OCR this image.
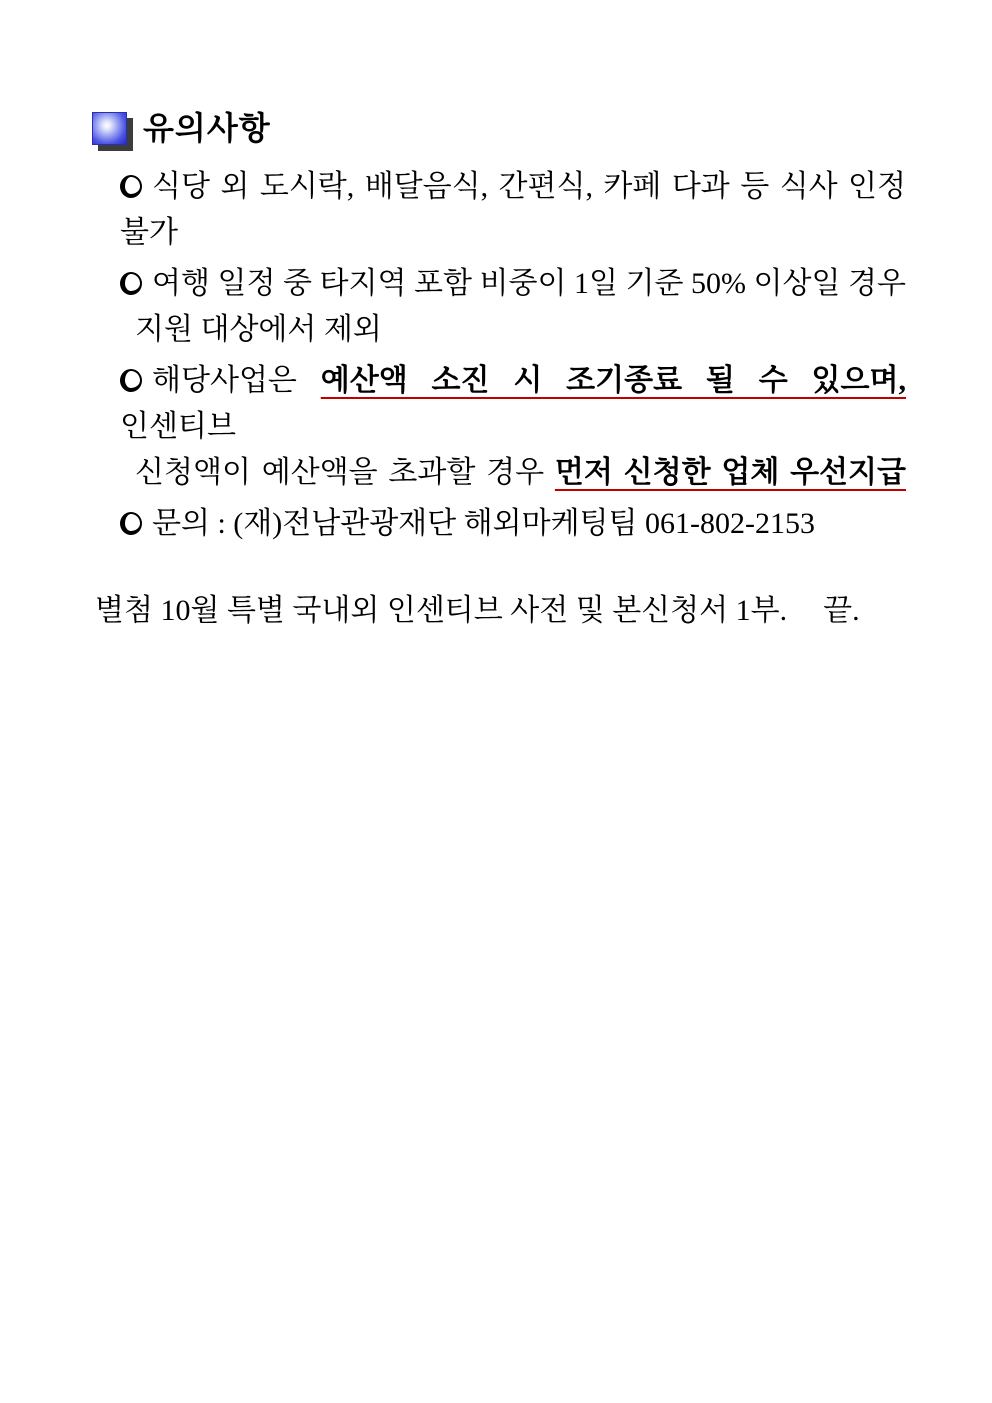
유의사항
식당 외 도시락, 배달음식, 간편식, 카페 다과 등 식사 인정 불가
여행 일정 중 타지역 포함 비중이 1일 기준 50% 이상일 경우
지원 대상에서 제외
해당사업은 예산액 소진 시 조기종료 될 수 있으며, 인센티브
신청액이 예산액을 초과할 경우 먼저 신청한 업체 우선지급
문의 : (재)전남관광재단 해외마케팅팀 061-802-2153
별첨 10월 특별 국내외 인센티브 사전 및 본신청서 1부. 끝.
